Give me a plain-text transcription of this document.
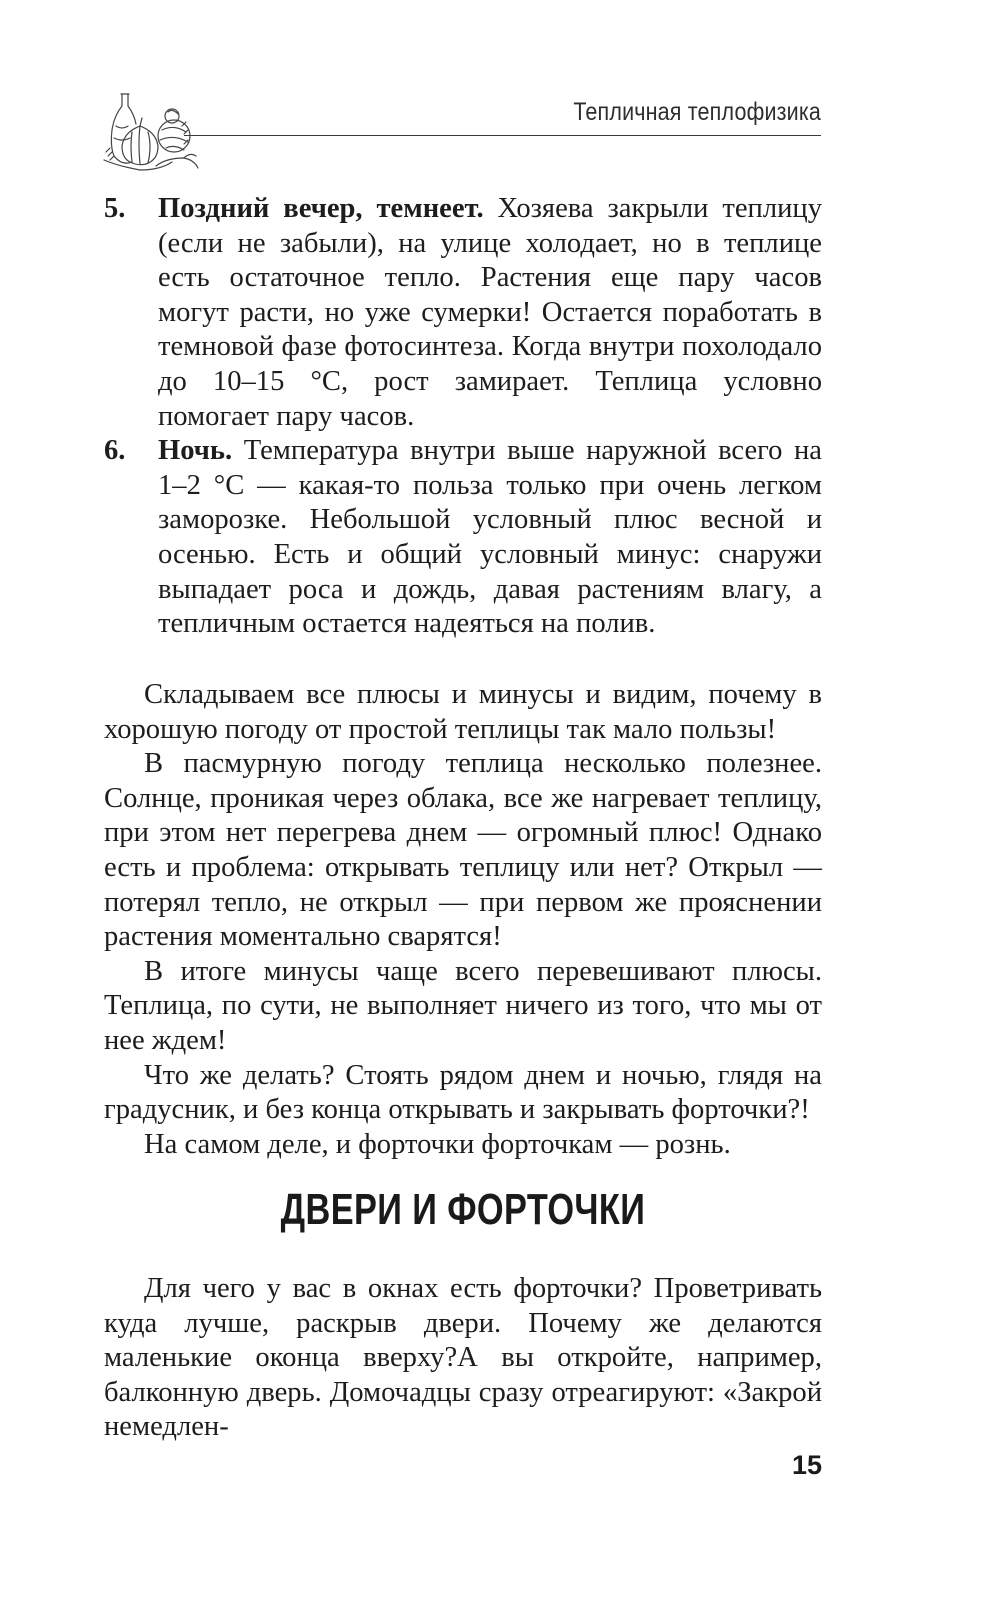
Тепличная теплофизика

5. Поздний вечер, темнеет. Хозяева закрыли теплицу (если не забыли), на улице холодает, но в теплице есть остаточное тепло. Растения еще пару часов могут расти, но уже сумерки! Остается поработать в темновой фазе фотосинтеза. Когда внутри похолодало до 10–15 °С, рост замирает. Теплица условно помогает пару часов.

6. Ночь. Температура внутри выше наружной всего на 1–2 °С — какая-то польза только при очень легком заморозке. Небольшой условный плюс весной и осенью. Есть и общий условный минус: снаружи выпадает роса и дождь, давая растениям влагу, а тепличным остается надеяться на полив.

Складываем все плюсы и минусы и видим, почему в хорошую погоду от простой теплицы так мало пользы!

В пасмурную погоду теплица несколько полезнее. Солнце, проникая через облака, все же нагревает теплицу, при этом нет перегрева днем — огромный плюс! Однако есть и проблема: открывать теплицу или нет? Открыл — потерял тепло, не открыл — при первом же прояснении растения моментально сварятся!

В итоге минусы чаще всего перевешивают плюсы. Теплица, по сути, не выполняет ничего из того, что мы от нее ждем!

Что же делать? Стоять рядом днем и ночью, глядя на градусник, и без конца открывать и закрывать форточки?!

На самом деле, и форточки форточкам — рознь.

ДВЕРИ И ФОРТОЧКИ

Для чего у вас в окнах есть форточки? Проветривать куда лучше, раскрыв двери. Почему же делаются маленькие оконца вверху?А вы откройте, например, балконную дверь. Домочадцы сразу отреагируют: «Закрой немедлен-

15
